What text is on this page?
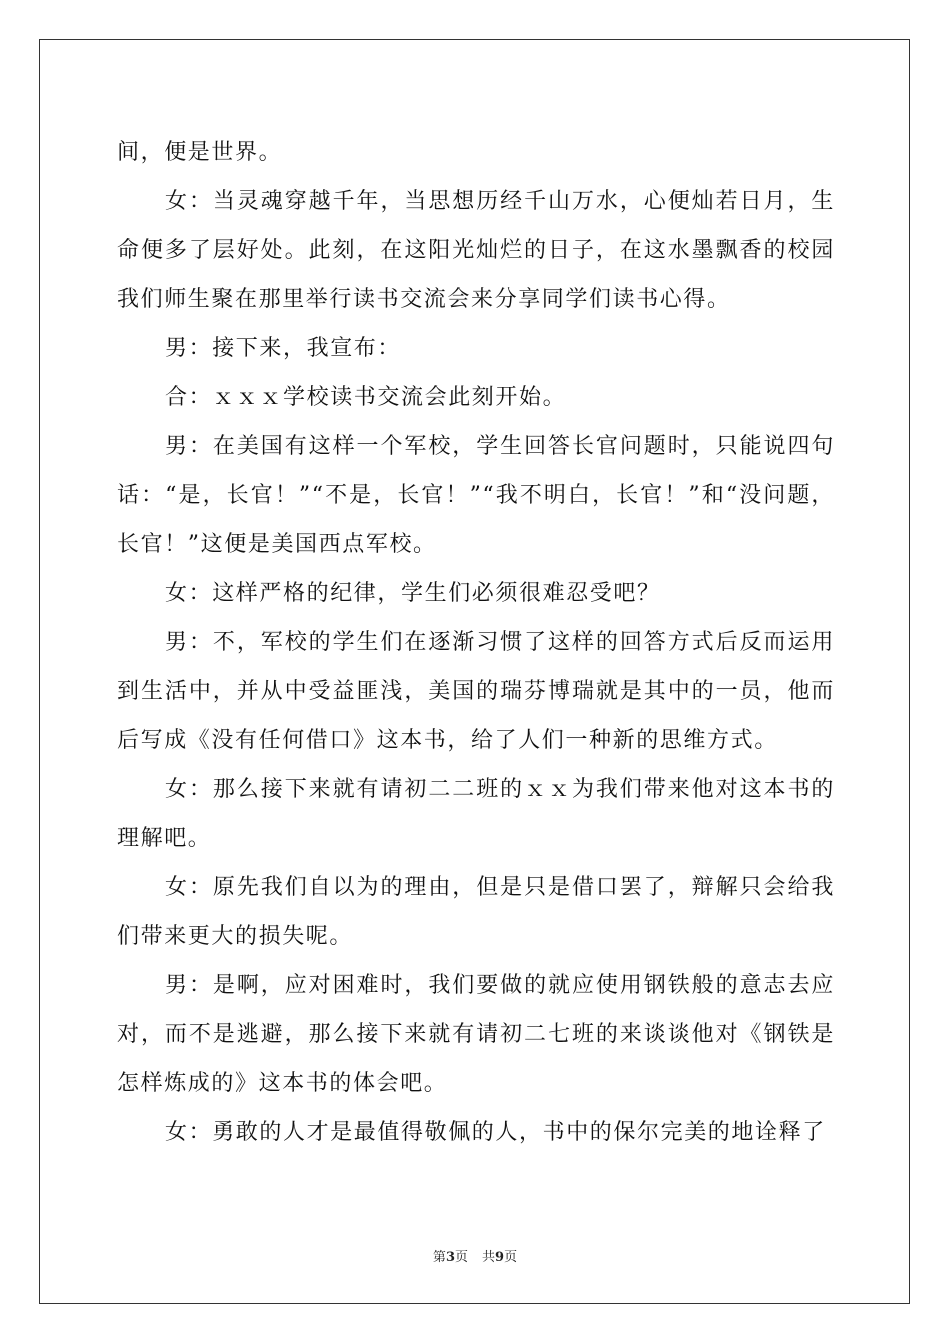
间，便是世界。

女：当灵魂穿越千年，当思想历经千山万水，心便灿若日月，生命便多了层好处。此刻，在这阳光灿烂的日子，在这水墨飘香的校园我们师生聚在那里举行读书交流会来分享同学们读书心得。

男：接下来，我宣布：

合：ｘｘｘ学校读书交流会此刻开始。

男：在美国有这样一个军校，学生回答长官问题时，只能说四句话：“是，长官！”“不是，长官！”“我不明白，长官！”和“没问题，长官！”这便是美国西点军校。

女：这样严格的纪律，学生们必须很难忍受吧？

男：不，军校的学生们在逐渐习惯了这样的回答方式后反而运用到生活中，并从中受益匪浅，美国的瑞芬博瑞就是其中的一员，他而后写成《没有任何借口》这本书，给了人们一种新的思维方式。

女：那么接下来就有请初二二班的ｘｘ为我们带来他对这本书的理解吧。

女：原先我们自以为的理由，但是只是借口罢了，辩解只会给我们带来更大的损失呢。

男：是啊，应对困难时，我们要做的就应使用钢铁般的意志去应对，而不是逃避，那么接下来就有请初二七班的来谈谈他对《钢铁是怎样炼成的》这本书的体会吧。

女：勇敢的人才是最值得敬佩的人，书中的保尔完美的地诠释了

第3页 共9页
